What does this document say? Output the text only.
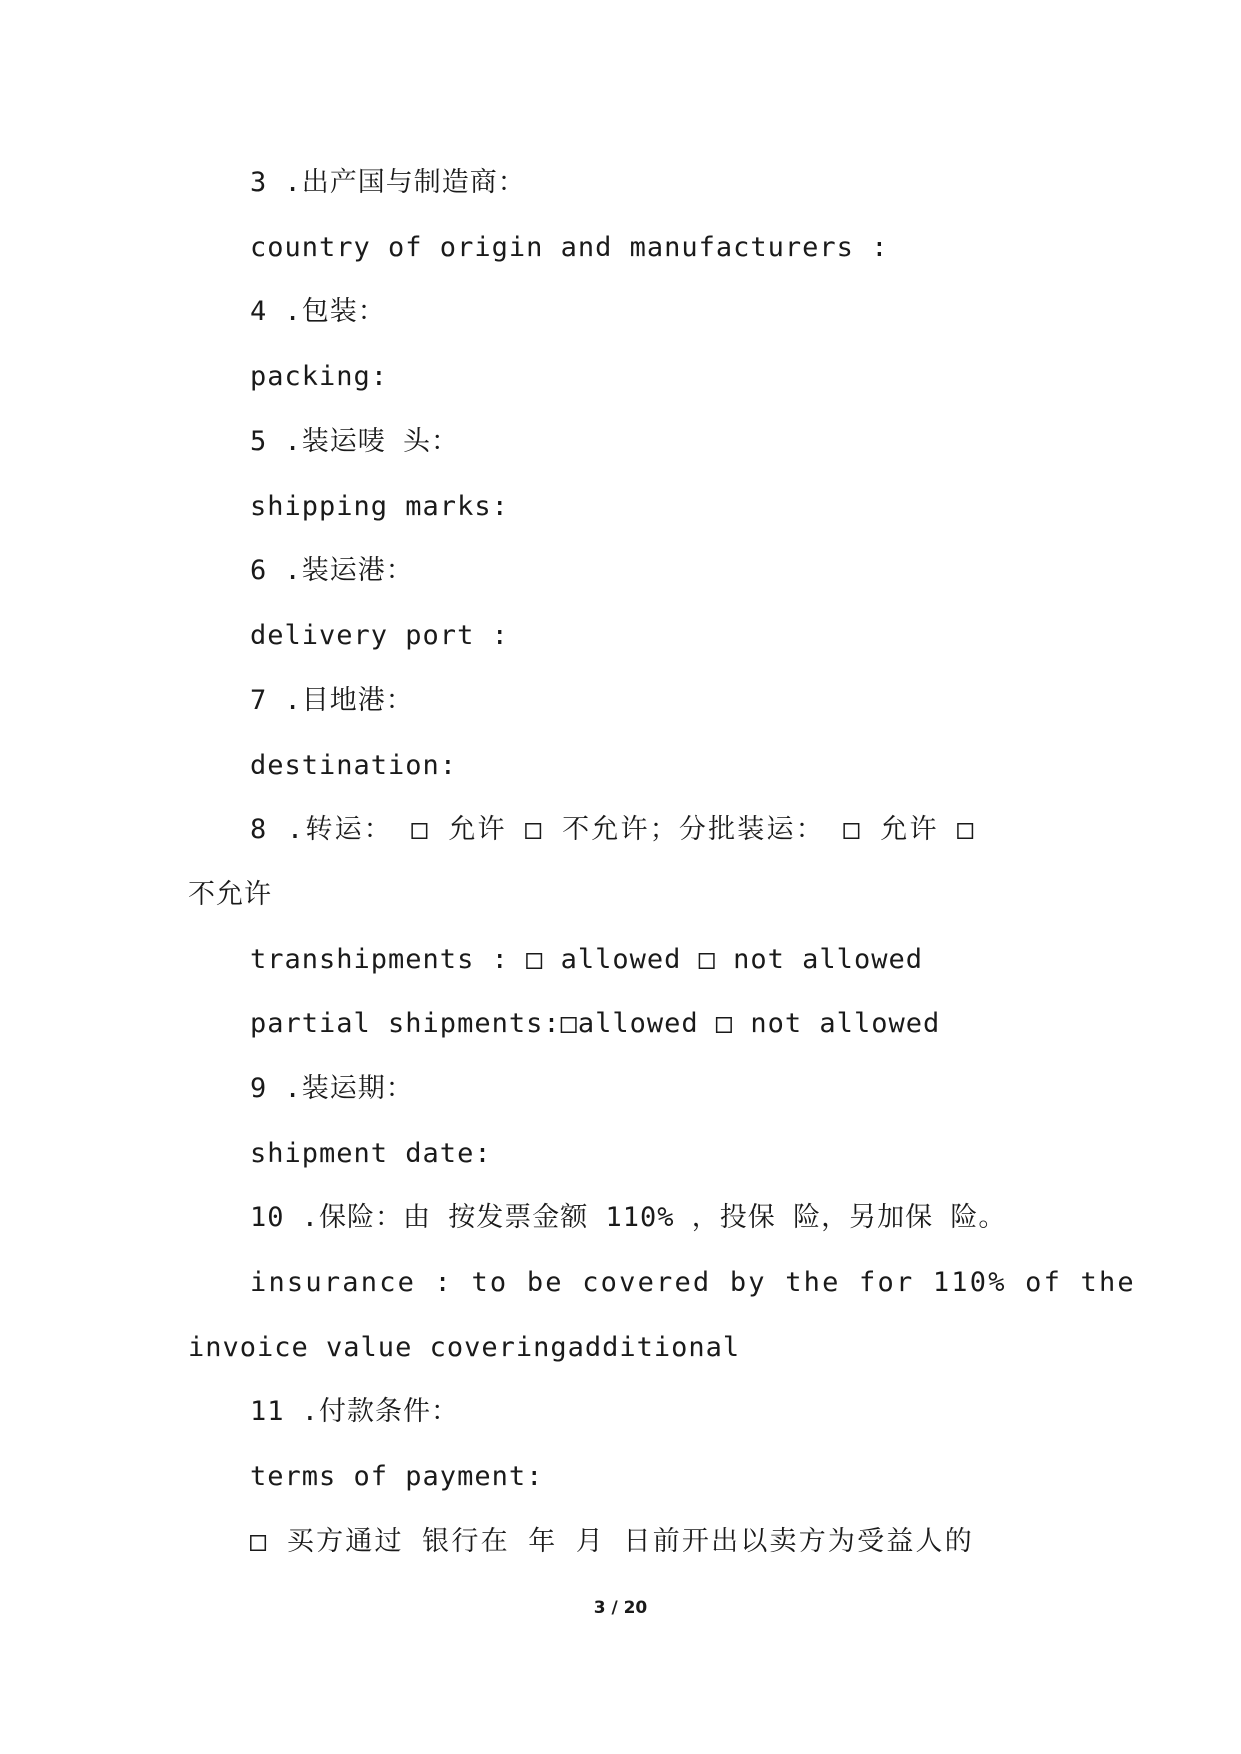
3 .出产国与制造商：
country of origin and manufacturers :
4 .包装：
packing:
5 .装运唛 头：
shipping marks:
6 .装运港：
delivery port :
7 .目地港：
destination:
8 .转运： □ 允许 □ 不允许；分批装运： □ 允许 □
不允许
transhipments : □ allowed □ not allowed
partial shipments:□allowed □ not allowed
9 .装运期：
shipment date:
10 .保险：由 按发票金额 110% ，投保 险，另加保 险。
insurance : to be covered by the for 110% of the
invoice value coveringadditional
11 .付款条件：
terms of payment:
□ 买方通过 银行在 年 月 日前开出以卖方为受益人的
3 / 20
